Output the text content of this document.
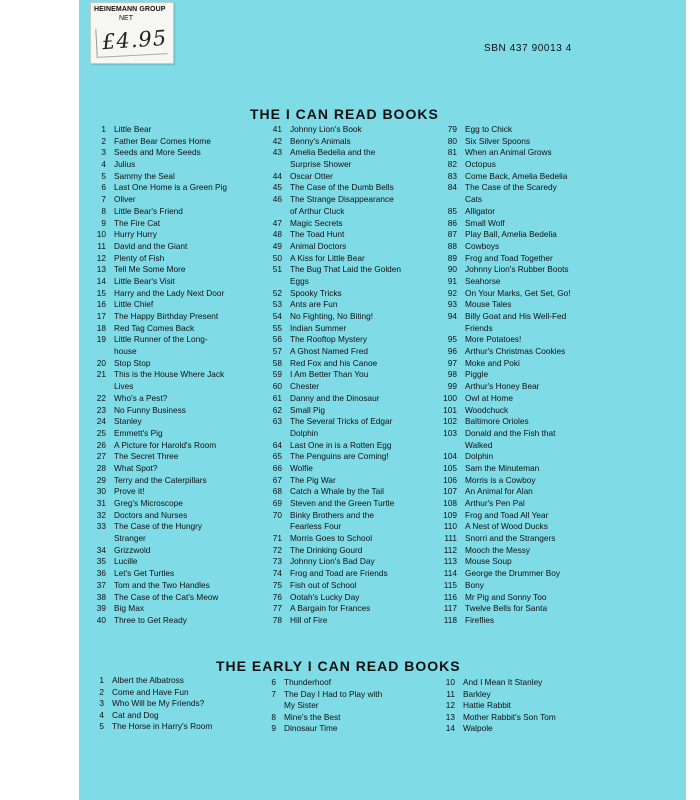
HEINEMANN GROUP
NET
£4.95	SBN 437 90013 4
THE I CAN READ BOOKS
1 Little Bear
2 Father Bear Comes Home
3 Seeds and More Seeds
4 Julius
5 Sammy the Seal
6 Last One Home is a Green Pig
7 Oliver
8 Little Bear's Friend
9 The Fire Cat
10 Hurry Hurry
11 David and the Giant
12 Plenty of Fish
13 Tell Me Some More
14 Little Bear's Visit
15 Harry and the Lady Next Door
16 Little Chief
17 The Happy Birthday Present
18 Red Tag Comes Back
19 Little Runner of the Long-
house
20 Stop Stop
21 This is the House Where Jack
Lives
22 Who's a Pest?
23 No Funny Business
24 Stanley
25 Emmett's Pig
26 A Picture for Harold's Room
27 The Secret Three
28 What Spot?
29 Terry and the Caterpillars
30 Prove it!
31 Greg's Microscope
32 Doctors and Nurses
33 The Case of the Hungry
Stranger
34 Grizzwold
35 Lucille
36 Let's Get Turtles
37 Tom and the Two Handles
38 The Case of the Cat's Meow
39 Big Max
40 Three to Get Ready
41 Johnny Lion's Book
42 Benny's Animals
43 Amelia Bedelia and the
Surprise Shower
44 Oscar Otter
45 The Case of the Dumb Bells
46 The Strange Disappearance
of Arthur Cluck
47 Magic Secrets
48 The Toad Hunt
49 Animal Doctors
50 A Kiss for Little Bear
51 The Bug That Laid the Golden
Eggs
52 Spooky Tricks
53 Ants are Fun
54 No Fighting, No Biting!
55 Indian Summer
56 The Rooftop Mystery
57 A Ghost Named Fred
58 Red Fox and his Canoe
59 I Am Better Than You
60 Chester
61 Danny and the Dinosaur
62 Small Pig
63 The Several Tricks of Edgar
Dolphin
64 Last One in is a Rotten Egg
65 The Penguins are Coming!
66 Wolfie
67 The Pig War
68 Catch a Whale by the Tail
69 Steven and the Green Turtle
70 Binky Brothers and the
Fearless Four
71 Morris Goes to School
72 The Drinking Gourd
73 Johnny Lion's Bad Day
74 Frog and Toad are Friends
75 Fish out of School
76 Ootah's Lucky Day
77 A Bargain for Frances
78 Hill of Fire
79 Egg to Chick
80 Six Silver Spoons
81 When an Animal Grows
82 Octopus
83 Come Back, Amelia Bedelia
84 The Case of the Scaredy
Cats
85 Alligator
86 Small Wolf
87 Play Ball, Amelia Bedelia
88 Cowboys
89 Frog and Toad Together
90 Johnny Lion's Rubber Boots
91 Seahorse
92 On Your Marks, Get Set, Go!
93 Mouse Tales
94 Billy Goat and His Well-Fed
Friends
95 More Potatoes!
96 Arthur's Christmas Cookies
97 Moke and Poki
98 Piggle
99 Arthur's Honey Bear
100 Owl at Home
101 Woodchuck
102 Baltimore Orioles
103 Donald and the Fish that
Walked
104 Dolphin
105 Sam the Minuteman
106 Morris is a Cowboy
107 An Animal for Alan
108 Arthur's Pen Pal
109 Frog and Toad All Year
110 A Nest of Wood Ducks
111 Snorri and the Strangers
112 Mooch the Messy
113 Mouse Soup
114 George the Drummer Boy
115 Bony
116 Mr Pig and Sonny Too
117 Twelve Bells for Santa
118 Fireflies
THE EARLY I CAN READ BOOKS
1 Albert the Albatross
2 Come and Have Fun
3 Who Will be My Friends?
4 Cat and Dog
5 The Horse in Harry's Room
6 Thunderhoof
7 The Day I Had to Play with
My Sister
8 Mine's the Best
9 Dinosaur Time
10 And I Mean It Stanley
11 Barkley
12 Hattie Rabbit
13 Mother Rabbit's Son Tom
14 Walpole
